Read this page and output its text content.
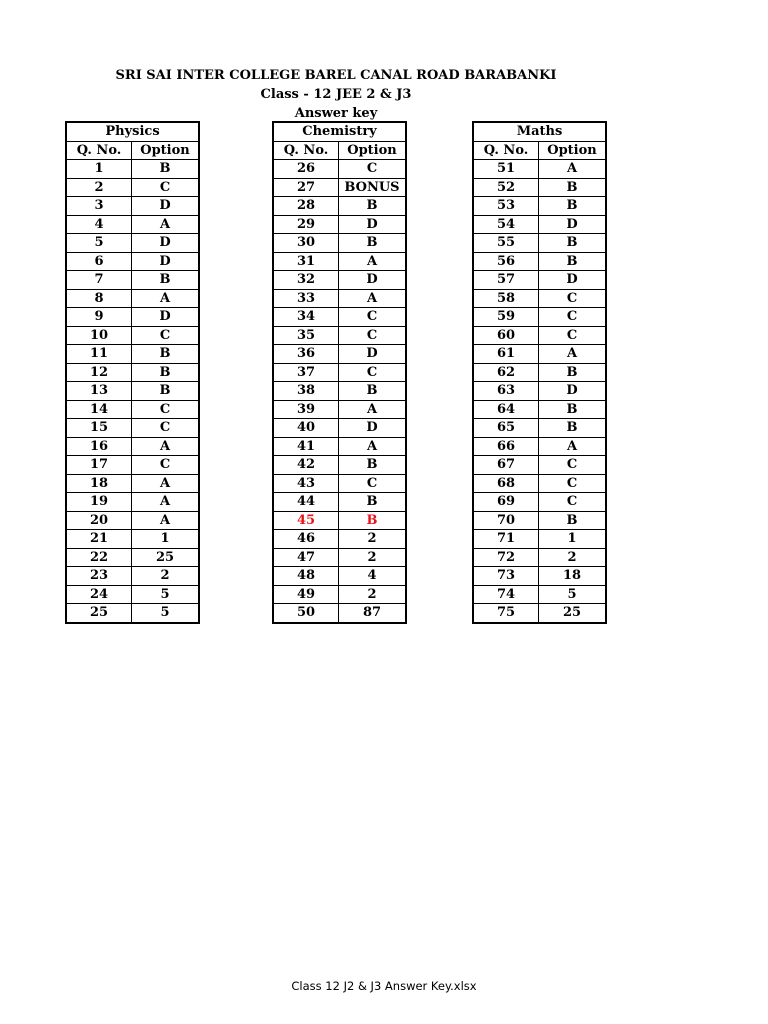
SRI SAI INTER COLLEGE BAREL CANAL ROAD BARABANKI
Class - 12 JEE 2 & J3
Answer key
Physics	
Q. No.	Option
1	B
2	C
3	D
4	A
5	D
6	D
7	B
8	A
9	D
10	C
11	B
12	B
13	B
14	C
15	C
16	A
17	C
18	A
19	A
20	A
21	1
22	25
23	2
24	5
25	5
Chemistry	
Q. No.	Option
26	C
27	BONUS
28	B
29	D
30	B
31	A
32	D
33	A
34	C
35	C
36	D
37	C
38	B
39	A
40	D
41	A
42	B
43	C
44	B
45	B
46	2
47	2
48	4
49	2
50	87
Maths	
Q. No.	Option
51	A
52	B
53	B
54	D
55	B
56	B
57	D
58	C
59	C
60	C
61	A
62	B
63	D
64	B
65	B
66	A
67	C
68	C
69	C
70	B
71	1
72	2
73	18
74	5
75	25
Class 12 J2 & J3 Answer Key.xlsx
